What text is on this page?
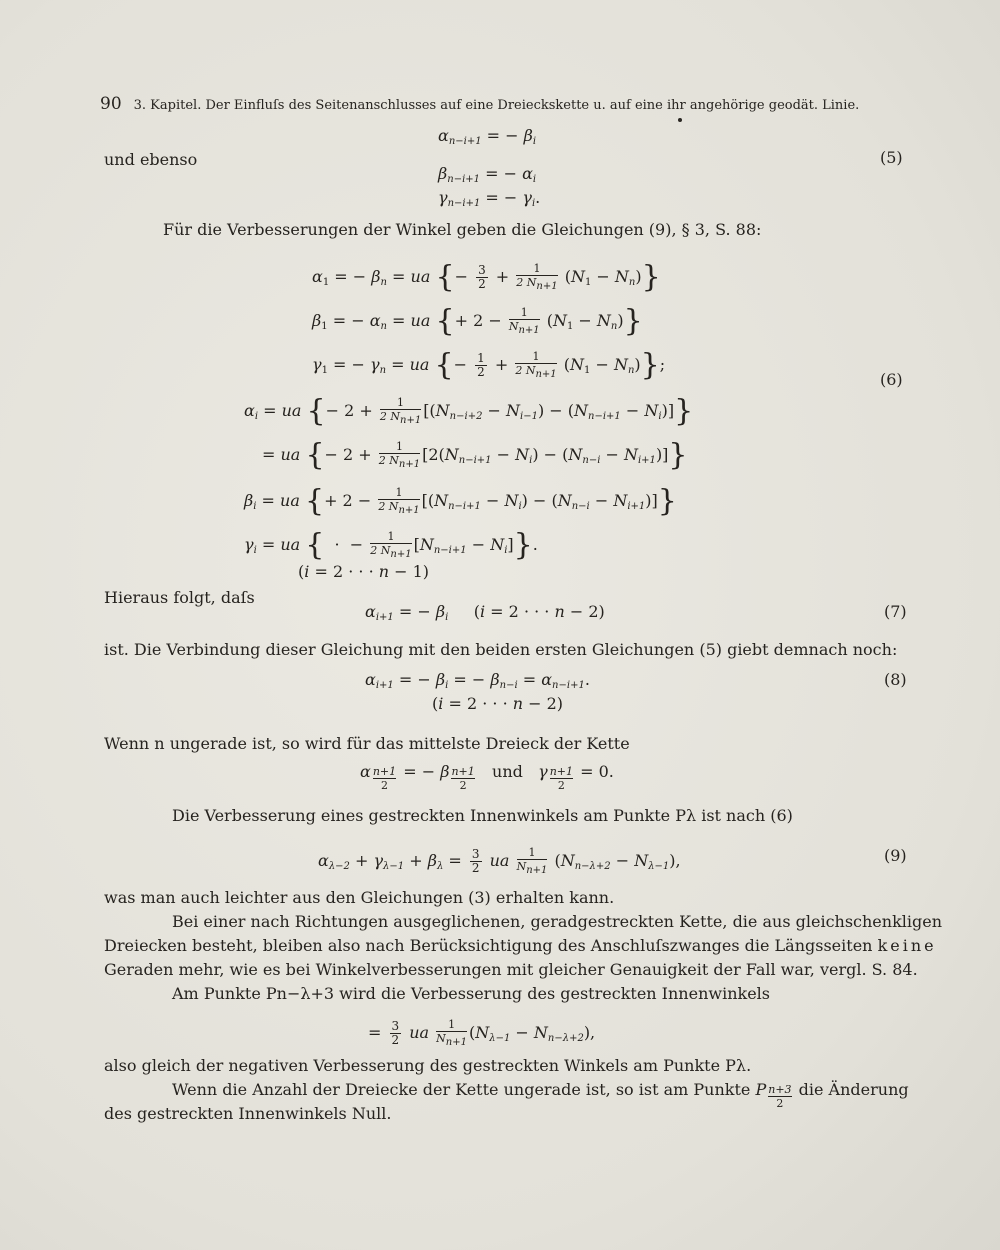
90 3. Kapitel. Der Einfluſs des Seitenanschlusses auf eine Dreieckskette u. auf eine ihr angehörige geodät. Linie.
$\alpha_{n-i+1}$ = − $\beta_i$
und ebenso
$\beta_{n-i+1}$ = − $\alpha_i$
$\gamma_{n-i+1}$ = − $\gamma_i$.
(5)
Für die Verbesserungen der Winkel geben die Gleichungen (9), § 3, S. 88:
$\alpha_1$ = − $\beta_n$ = ua {− $\frac{3}{2} + \frac{1}{2 N_{n+1}} (N_1 - N_n)$}
$\beta_1$ = − $\alpha_n$ = ua {+ $2 - \frac{1}{N_{n+1}} (N_1 - N_n)$}
$\gamma_1$ = − $\gamma_n$ = ua {− $\frac{1}{2} + \frac{1}{2 N_{n+1}} (N_1 - N_n)$};
$\alpha_i$ = ua {− $2 + \frac{1}{2 N_{n+1}} [(N_{n-i+2} - N_{i-1}) - (N_{n-i+1} - N_i)]$}
(6)
= ua {− $2 + \frac{1}{2 N_{n+1}} [2(N_{n-i+1} - N_i) - (N_{n-i} - N_{i+1})]$}
$\beta_i$ = ua {+ $2 - \frac{1}{2 N_{n+1}} [(N_{n-i+1} - N_i) - (N_{n-i} - N_{i+1})]$}
$\gamma_i$ = ua {  ·  − $\frac{1}{2 N_{n+1}} [N_{n-i+1} - N_i]$}.
(i = 2 · · · n − 1)
Hieraus folgt, daſs
$\alpha_{i+1}$ = − $\beta_i$     (i = 2 · · · n − 2)	(7)
ist. Die Verbindung dieser Gleichung mit den beiden ersten Gleichungen (5) giebt demnach noch:
$\alpha_{i+1}$ = − $\beta_i$ = − $\beta_{n-i} = \alpha_{n-i+1}$.	(8)
(i = 2 · · · n − 2)
Wenn n ungerade ist, so wird für das mittelste Dreieck der Kette
α $\frac{n+1}{2}$ = − β $\frac{n+1}{2}$ und γ $\frac{n+1}{2} = 0$.
Die Verbesserung eines gestreckten Innenwinkels am Punkte Pλ ist nach (6)
$\alpha_{\lambda-2} + \gamma_{\lambda-1} + \beta_\lambda = \frac{3}{2}$ ua $\frac{1}{N_{n+1}} (N_{n-\lambda+2} - N_{\lambda-1})$,	(9)
was man auch leichter aus den Gleichungen (3) erhalten kann.
Bei einer nach Richtungen ausgeglichenen, geradgestreckten Kette, die aus gleichschenkligen
Dreiecken besteht, bleiben also nach Berücksichtigung des Anschluſszwanges die Längsseiten keine
Geraden mehr, wie es bei Winkelverbesserungen mit gleicher Genauigkeit der Fall war, vergl. S. 84.
Am Punkte Pn−λ+3 wird die Verbesserung des gestreckten Innenwinkels
= $\frac{3}{2}$ ua $\frac{1}{N_{n+1}} (N_{\lambda-1} - N_{n-\lambda+2})$,
also gleich der negativen Verbesserung des gestreckten Winkels am Punkte Pλ.
Wenn die Anzahl der Dreiecke der Kette ungerade ist, so ist am Punkte P $\frac{n+3}{2}$ die Änderung
des gestreckten Innenwinkels Null.
